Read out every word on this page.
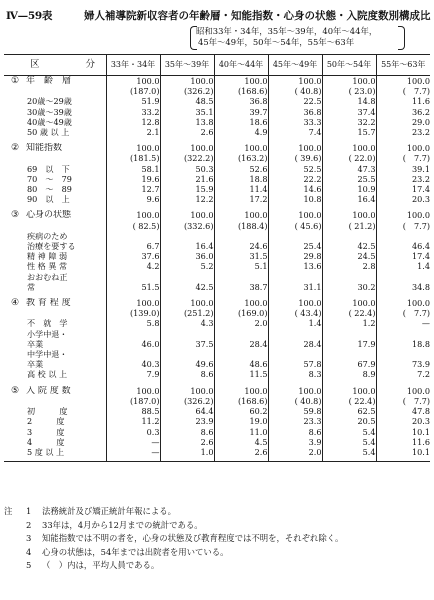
Ⅳ—59表	婦人補導院新収容者の年齢層・知能指数・心身の状態・入院度数別構成比
昭和33年・34年，35年〜39年，40年〜44年，
45年〜49年，50年〜54年，55年〜63年
区 分	33年・34年	35年〜39年	40年〜44年	45年〜49年	50年〜54年	55年〜63年
① 年　齢　層	100.0	100.0	100.0	100.0	100.0	100.0
	(187.0)	(326.2)	(168.6)	( 40.8)	( 23.0)	(　7.7)
20歳〜29歳	51.9	48.5	36.8	22.5	14.8	11.6
30歳〜39歳	33.2	35.1	39.7	36.8	37.4	36.2
40歳〜49歳	12.8	13.8	18.6	33.3	32.2	29.0
50 歳 以 上	2.1	2.6	4.9	7.4	15.7	23.2

② 知能指数	100.0	100.0	100.0	100.0	100.0	100.0
	(181.5)	(322.2)	(163.2)	( 39.6)	( 22.0)	(　7.7)
69　以　下	58.1	50.3	52.6	52.5	47.3	39.1
70　〜　79	19.6	21.6	18.8	22.2	25.5	23.2
80　〜　89	12.7	15.9	11.4	14.6	10.9	17.4
90　以　上	9.6	12.2	17.2	10.8	16.4	20.3

③ 心身の状態	100.0	100.0	100.0	100.0	100.0	100.0
	( 82.5)	(332.6)	(188.4)	( 45.6)	( 21.2)	(　7.7)
疾病のため						
治療を要する	6.7	16.4	24.6	25.4	42.5	46.4
精 神 障 弱	37.6	36.0	31.5	29.8	24.5	17.4
性 格 異 常	4.2	5.2	5.1	13.6	2.8	1.4
おおむね正						
常	51.5	42.5	38.7	31.1	30.2	34.8

④ 教 育 程 度	100.0	100.0	100.0	100.0	100.0	100.0
	(139.0)	(251.2)	(169.0)	( 43.4)	( 22.4)	(　7.7)
不　就　学	5.8	4.3	2.0	1.4	1.2	—
小学中退・						
卒業	46.0	37.5	28.4	28.4	17.9	18.8
中学中退・						
卒業	40.3	49.6	48.6	57.8	67.9	73.9
高 校 以 上	7.9	8.6	11.5	8.3	8.9	7.2

⑤ 入 院 度 数	100.0	100.0	100.0	100.0	100.0	100.0
	(187.0)	(326.2)	(168.6)	( 40.8)	( 22.4)	(　7.7)
初　　　度	88.5	64.4	60.2	59.8	62.5	47.8
2　　　度	11.2	23.9	19.0	23.3	20.5	20.3
3　　　度	0.3	8.6	11.0	8.6	5.4	10.1
4　　　度	—	2.6	4.5	3.9	5.4	11.6
5 度 以 上	—	1.0	2.6	2.0	5.4	10.1

注	1	法務統計及び矯正統計年報による。
2	33年は，4月から12月までの統計である。
3	知能指数では不明の者を，心身の状態及び教育程度では不明を，それぞれ除く。
4	心身の状態は，54年までは出院者を用いている。
5	（　）内は，平均人員である。
